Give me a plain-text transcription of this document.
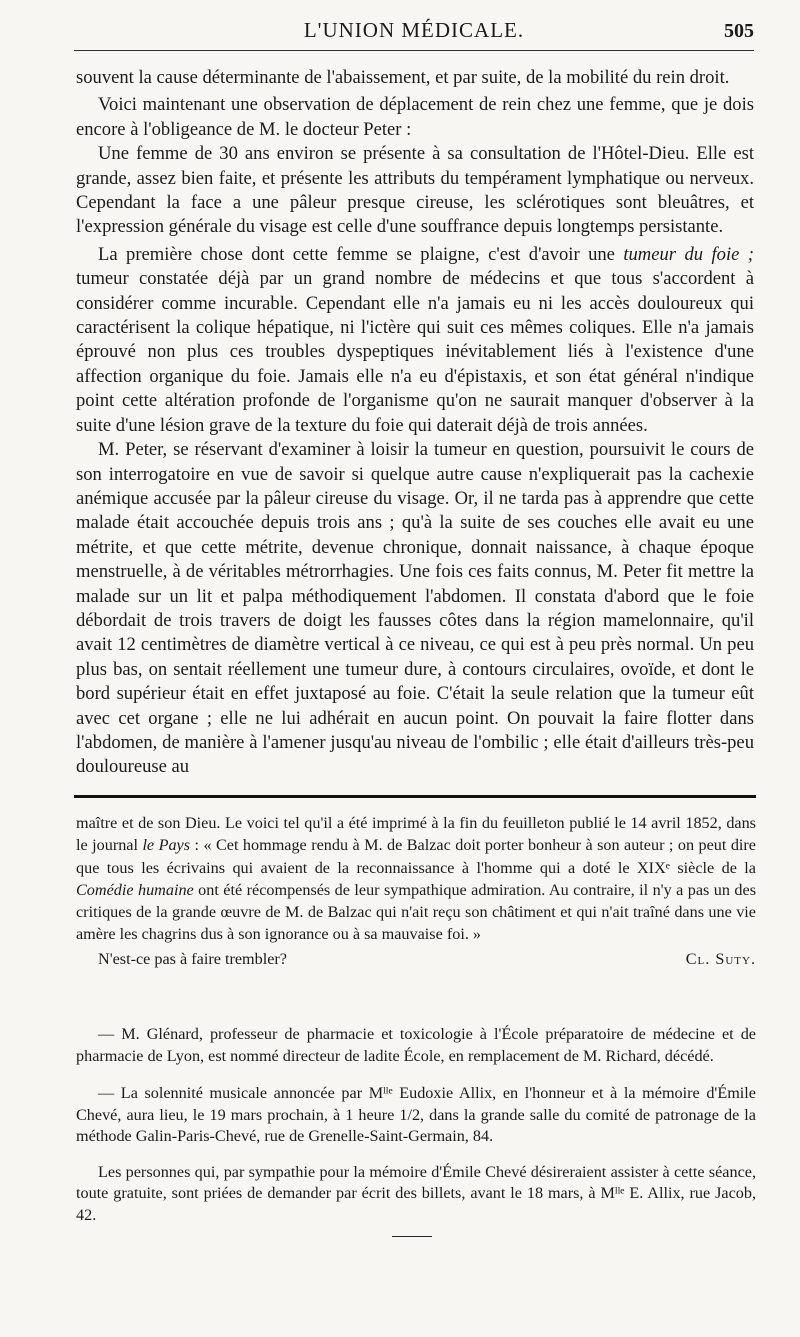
L'UNION MÉDICALE.	505

souvent la cause déterminante de l'abaissement, et par suite, de la mobilité du rein droit.

Voici maintenant une observation de déplacement de rein chez une femme, que je dois encore à l'obligeance de M. le docteur Peter :

Une femme de 30 ans environ se présente à sa consultation de l'Hôtel-Dieu. Elle est grande, assez bien faite, et présente les attributs du tempérament lymphatique ou nerveux. Cependant la face a une pâleur presque cireuse, les sclérotiques sont bleuâtres, et l'expression générale du visage est celle d'une souffrance depuis longtemps persistante.

La première chose dont cette femme se plaigne, c'est d'avoir une tumeur du foie ; tumeur constatée déjà par un grand nombre de médecins et que tous s'accordent à considérer comme incurable. Cependant elle n'a jamais eu ni les accès douloureux qui caractérisent la colique hépatique, ni l'ictère qui suit ces mêmes coliques. Elle n'a jamais éprouvé non plus ces troubles dyspeptiques inévitablement liés à l'existence d'une affection organique du foie. Jamais elle n'a eu d'épistaxis, et son état général n'indique point cette altération profonde de l'organisme qu'on ne saurait manquer d'observer à la suite d'une lésion grave de la texture du foie qui daterait déjà de trois années.

M. Peter, se réservant d'examiner à loisir la tumeur en question, poursuivit le cours de son interrogatoire en vue de savoir si quelque autre cause n'expliquerait pas la cachexie anémique accusée par la pâleur cireuse du visage. Or, il ne tarda pas à apprendre que cette malade était accouchée depuis trois ans ; qu'à la suite de ses couches elle avait eu une métrite, et que cette métrite, devenue chronique, donnait naissance, à chaque époque menstruelle, à de véritables métrorrhagies. Une fois ces faits connus, M. Peter fit mettre la malade sur un lit et palpa méthodiquement l'abdomen. Il constata d'abord que le foie débordait de trois travers de doigt les fausses côtes dans la région mamelonnaire, qu'il avait 12 centimètres de diamètre vertical à ce niveau, ce qui est à peu près normal. Un peu plus bas, on sentait réellement une tumeur dure, à contours circulaires, ovoïde, et dont le bord supérieur était en effet juxtaposé au foie. C'était la seule relation que la tumeur eût avec cet organe ; elle ne lui adhérait en aucun point. On pouvait la faire flotter dans l'abdomen, de manière à l'amener jusqu'au niveau de l'ombilic ; elle était d'ailleurs très-peu douloureuse au

maître et de son Dieu. Le voici tel qu'il a été imprimé à la fin du feuilleton publié le 14 avril 1852, dans le journal le Pays : « Cet hommage rendu à M. de Balzac doit porter bonheur à son auteur ; on peut dire que tous les écrivains qui avaient de la reconnaissance à l'homme qui a doté le XIXᵉ siècle de la Comédie humaine ont été récompensés de leur sympathique admiration. Au contraire, il n'y a pas un des critiques de la grande œuvre de M. de Balzac qui n'ait reçu son châtiment et qui n'ait traîné dans une vie amère les chagrins dus à son ignorance ou à sa mauvaise foi. »

N'est-ce pas à faire trembler?	Cl. Suty.

— M. Glénard, professeur de pharmacie et toxicologie à l'École préparatoire de médecine et de pharmacie de Lyon, est nommé directeur de ladite École, en remplacement de M. Richard, décédé.

— La solennité musicale annoncée par Mˡˡᵉ Eudoxie Allix, en l'honneur et à la mémoire d'Émile Chevé, aura lieu, le 19 mars prochain, à 1 heure 1/2, dans la grande salle du comité de patronage de la méthode Galin-Paris-Chevé, rue de Grenelle-Saint-Germain, 84.

Les personnes qui, par sympathie pour la mémoire d'Émile Chevé désireraient assister à cette séance, toute gratuite, sont priées de demander par écrit des billets, avant le 18 mars, à Mˡˡᵉ E. Allix, rue Jacob, 42.
